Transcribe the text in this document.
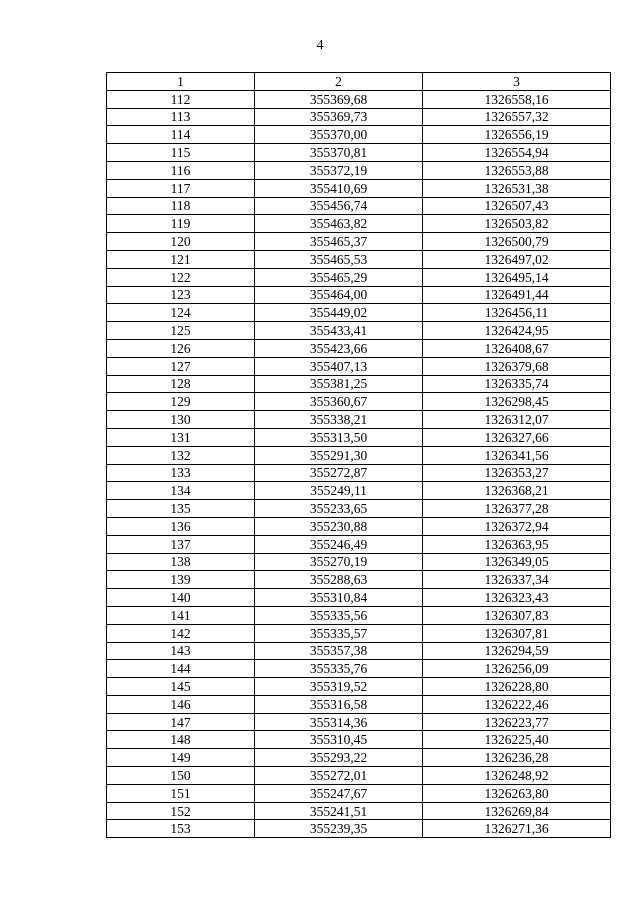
4
1	2	3
112	355369,68	1326558,16
113	355369,73	1326557,32
114	355370,00	1326556,19
115	355370,81	1326554,94
116	355372,19	1326553,88
117	355410,69	1326531,38
118	355456,74	1326507,43
119	355463,82	1326503,82
120	355465,37	1326500,79
121	355465,53	1326497,02
122	355465,29	1326495,14
123	355464,00	1326491,44
124	355449,02	1326456,11
125	355433,41	1326424,95
126	355423,66	1326408,67
127	355407,13	1326379,68
128	355381,25	1326335,74
129	355360,67	1326298,45
130	355338,21	1326312,07
131	355313,50	1326327,66
132	355291,30	1326341,56
133	355272,87	1326353,27
134	355249,11	1326368,21
135	355233,65	1326377,28
136	355230,88	1326372,94
137	355246,49	1326363,95
138	355270,19	1326349,05
139	355288,63	1326337,34
140	355310,84	1326323,43
141	355335,56	1326307,83
142	355335,57	1326307,81
143	355357,38	1326294,59
144	355335,76	1326256,09
145	355319,52	1326228,80
146	355316,58	1326222,46
147	355314,36	1326223,77
148	355310,45	1326225,40
149	355293,22	1326236,28
150	355272,01	1326248,92
151	355247,67	1326263,80
152	355241,51	1326269,84
153	355239,35	1326271,36
